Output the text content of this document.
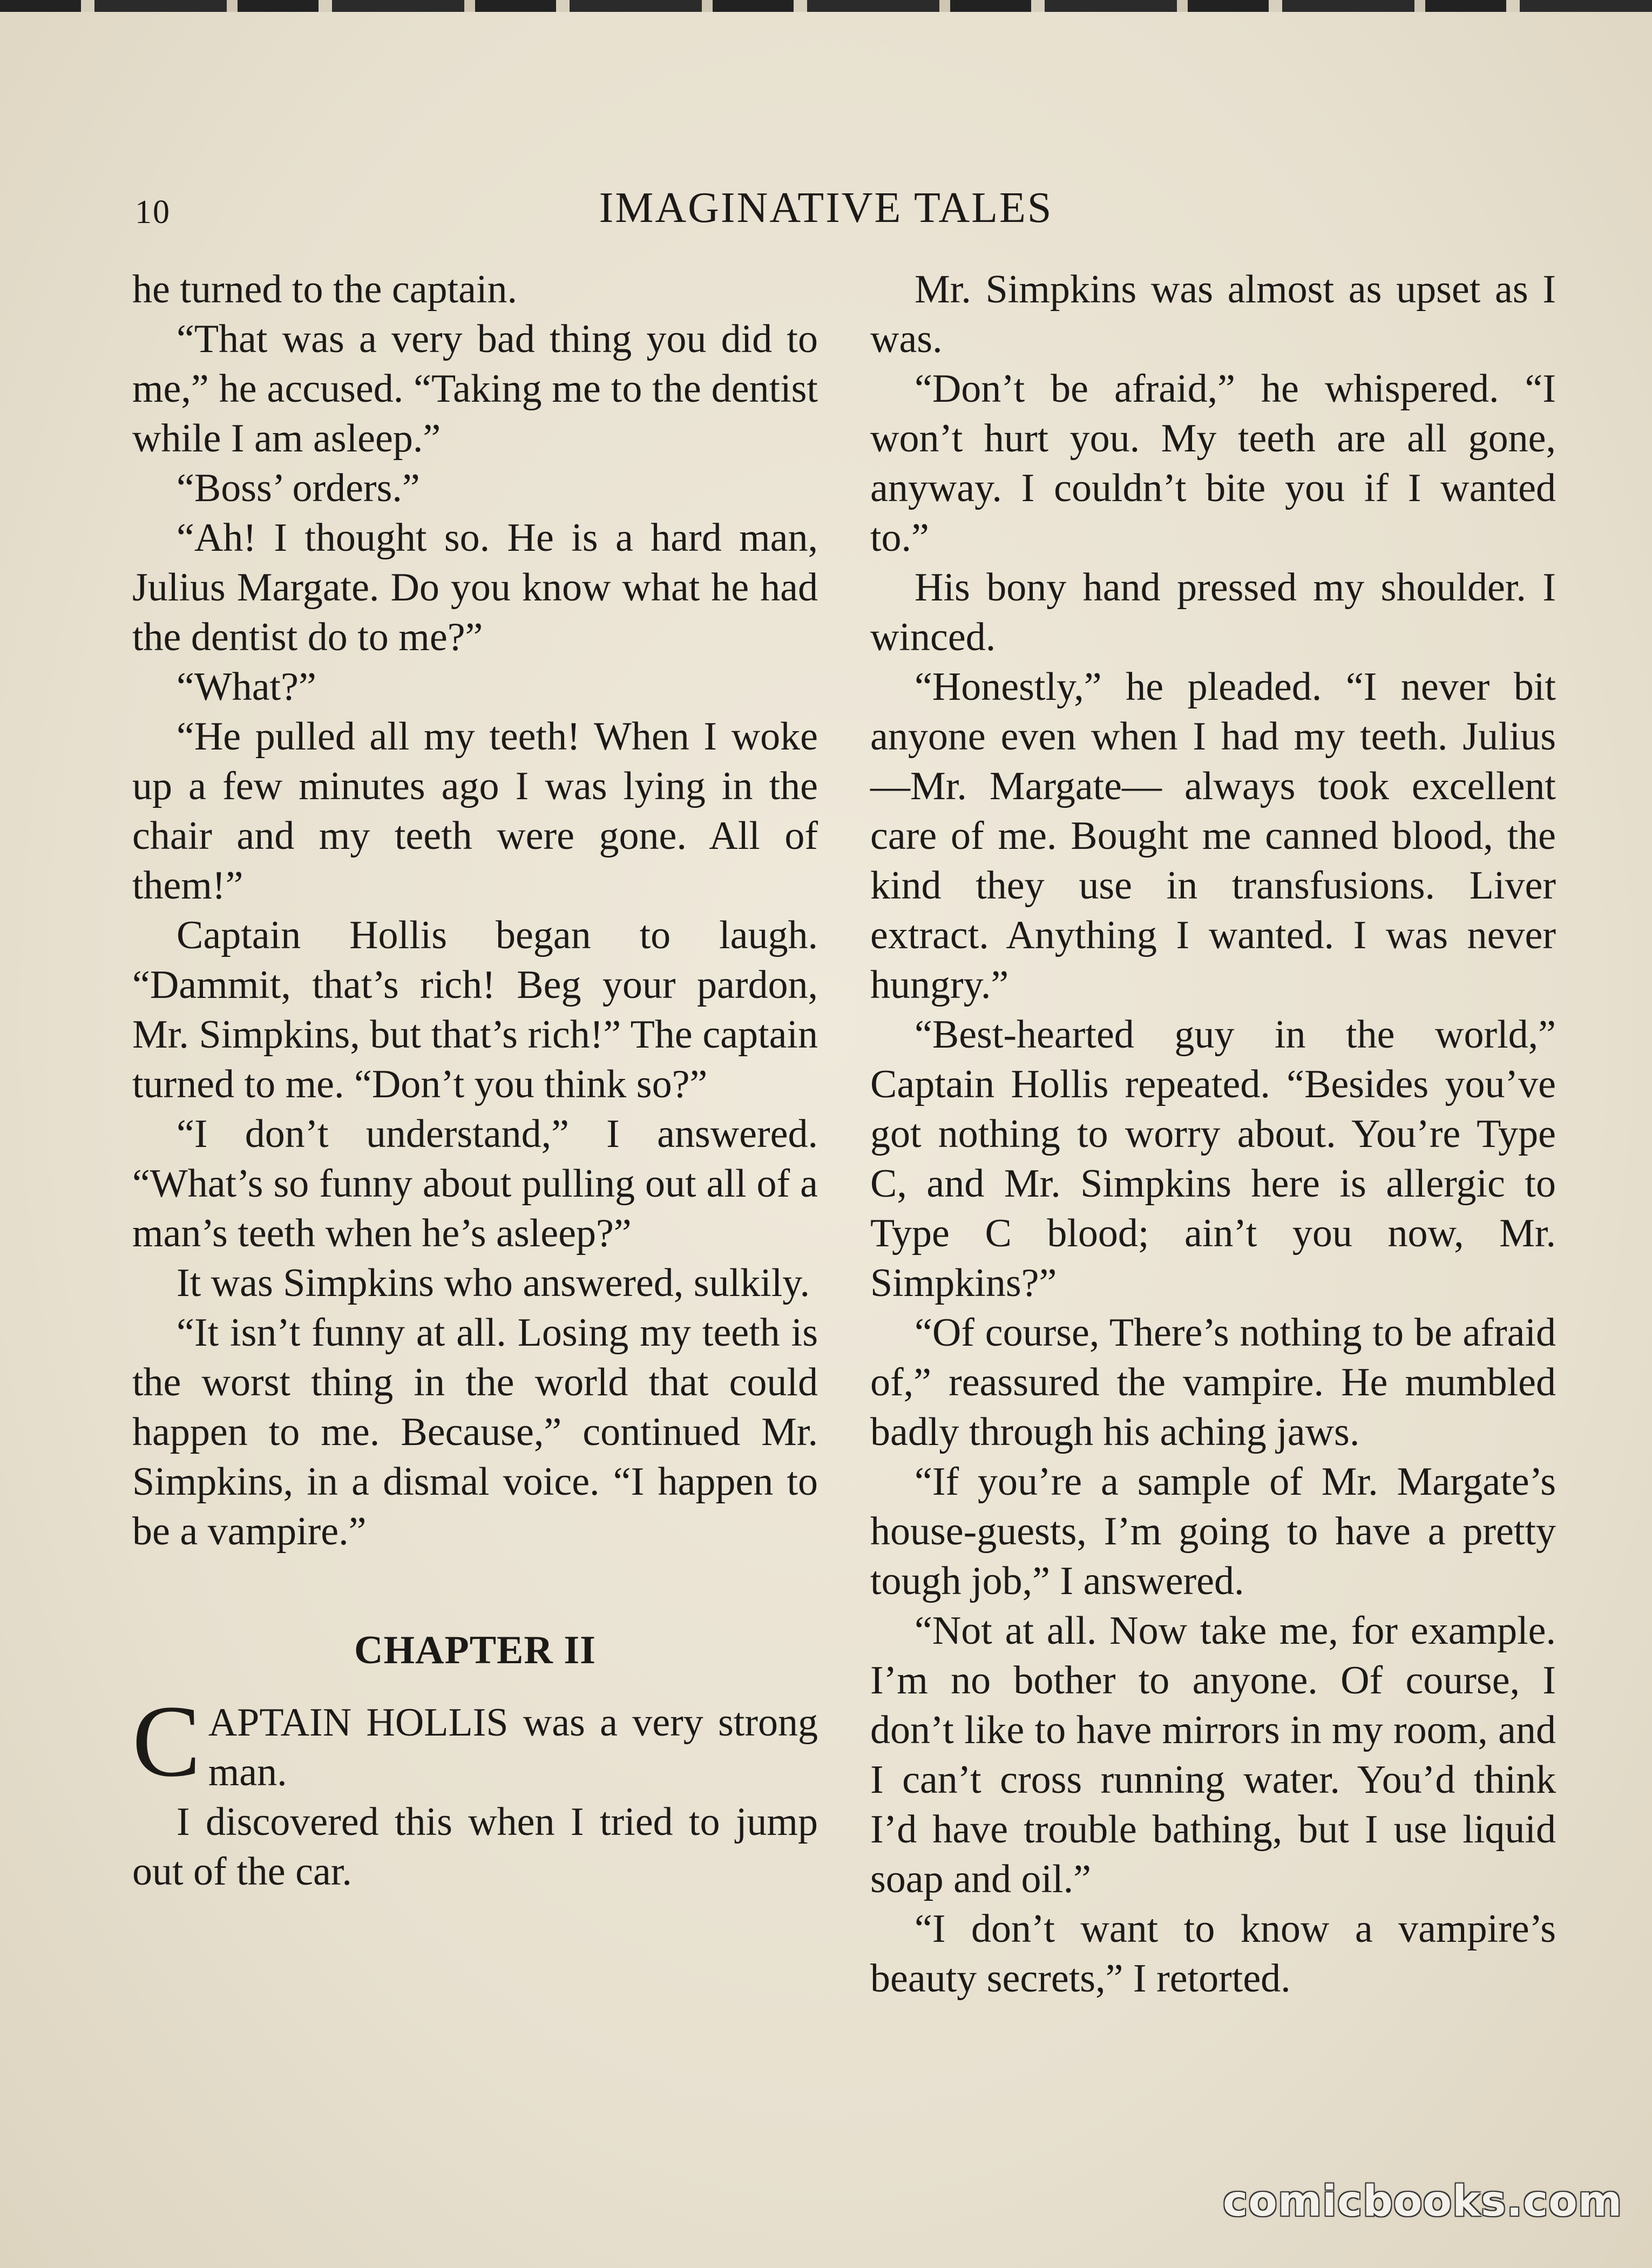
10	IMAGINATIVE TALES

he turned to the captain.

“That was a very bad thing you did to me,” he accused. “Taking me to the dentist while I am asleep.”

“Boss’ orders.”

“Ah! I thought so. He is a hard man, Julius Margate. Do you know what he had the dentist do to me?”

“What?”

“He pulled all my teeth! When I woke up a few minutes ago I was lying in the chair and my teeth were gone. All of them!”

Captain Hollis began to laugh. “Dammit, that’s rich! Beg your pardon, Mr. Simpkins, but that’s rich!” The captain turned to me. “Don’t you think so?”

“I don’t understand,” I answered. “What’s so funny about pulling out all of a man’s teeth when he’s asleep?”

It was Simpkins who answered, sulkily.

“It isn’t funny at all. Losing my teeth is the worst thing in the world that could happen to me. Because,” continued Mr. Simpkins, in a dismal voice. “I happen to be a vampire.”

CHAPTER II

CAPTAIN HOLLIS was a very strong man.

I discovered this when I tried to jump out of the car.

Mr. Simpkins was almost as upset as I was.

“Don’t be afraid,” he whispered. “I won’t hurt you. My teeth are all gone, anyway. I couldn’t bite you if I wanted to.”

His bony hand pressed my shoulder. I winced.

“Honestly,” he pleaded. “I never bit anyone even when I had my teeth. Julius—Mr. Margate— always took excellent care of me. Bought me canned blood, the kind they use in transfusions. Liver extract. Anything I wanted. I was never hungry.”

“Best-hearted guy in the world,” Captain Hollis repeated. “Besides you’ve got nothing to worry about. You’re Type C, and Mr. Simpkins here is allergic to Type C blood; ain’t you now, Mr. Simpkins?”

“Of course, There’s nothing to be afraid of,” reassured the vampire. He mumbled badly through his aching jaws.

“If you’re a sample of Mr. Margate’s house-guests, I’m going to have a pretty tough job,” I answered.

“Not at all. Now take me, for example. I’m no bother to anyone. Of course, I don’t like to have mirrors in my room, and I can’t cross running water. You’d think I’d have trouble bathing, but I use liquid soap and oil.”

“I don’t want to know a vampire’s beauty secrets,” I retorted.

comicbooks.com
